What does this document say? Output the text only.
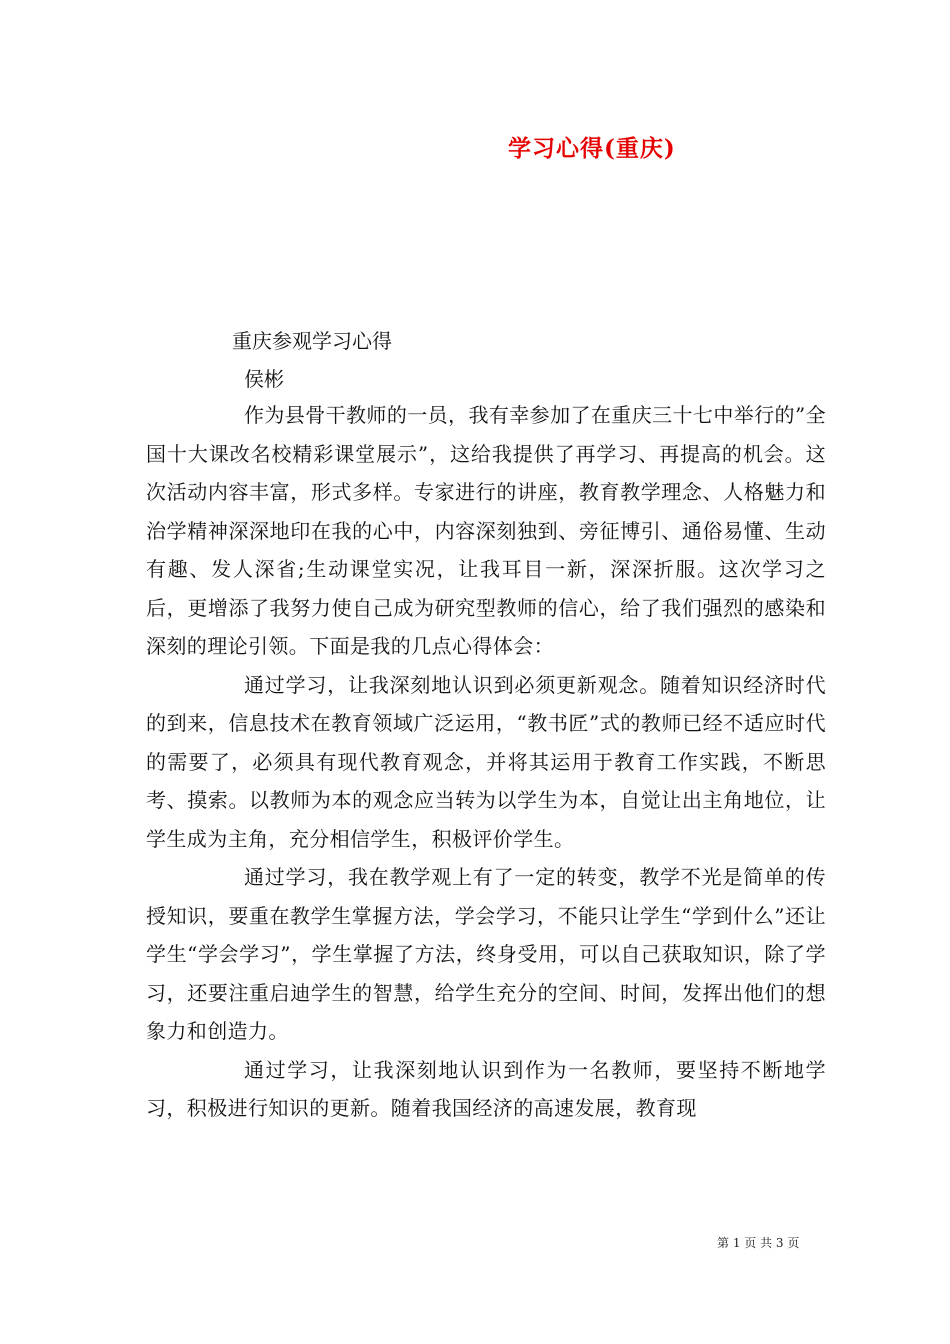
学习心得(重庆)
重庆参观学习心得
侯彬

作为县骨干教师的一员，我有幸参加了在重庆三十七中举行的”全国十大课改名校精彩课堂展示”，这给我提供了再学习、再提高的机会。这次活动内容丰富，形式多样。专家进行的讲座，教育教学理念、人格魅力和治学精神深深地印在我的心中，内容深刻独到、旁征博引、通俗易懂、生动有趣、发人深省;生动课堂实况，让我耳目一新，深深折服。这次学习之后，更增添了我努力使自己成为研究型教师的信心，给了我们强烈的感染和深刻的理论引领。下面是我的几点心得体会：

通过学习，让我深刻地认识到必须更新观念。随着知识经济时代的到来，信息技术在教育领域广泛运用，“教书匠”式的教师已经不适应时代的需要了，必须具有现代教育观念，并将其运用于教育工作实践，不断思考、摸索。以教师为本的观念应当转为以学生为本，自觉让出主角地位，让学生成为主角，充分相信学生，积极评价学生。

通过学习，我在教学观上有了一定的转变，教学不光是简单的传授知识，要重在教学生掌握方法，学会学习，不能只让学生“学到什么”还让学生“学会学习”，学生掌握了方法，终身受用，可以自己获取知识，除了学习，还要注重启迪学生的智慧，给学生充分的空间、时间，发挥出他们的想象力和创造力。

通过学习，让我深刻地认识到作为一名教师，要坚持不断地学习，积极进行知识的更新。随着我国经济的高速发展，教育现

第 1 页 共 3 页
